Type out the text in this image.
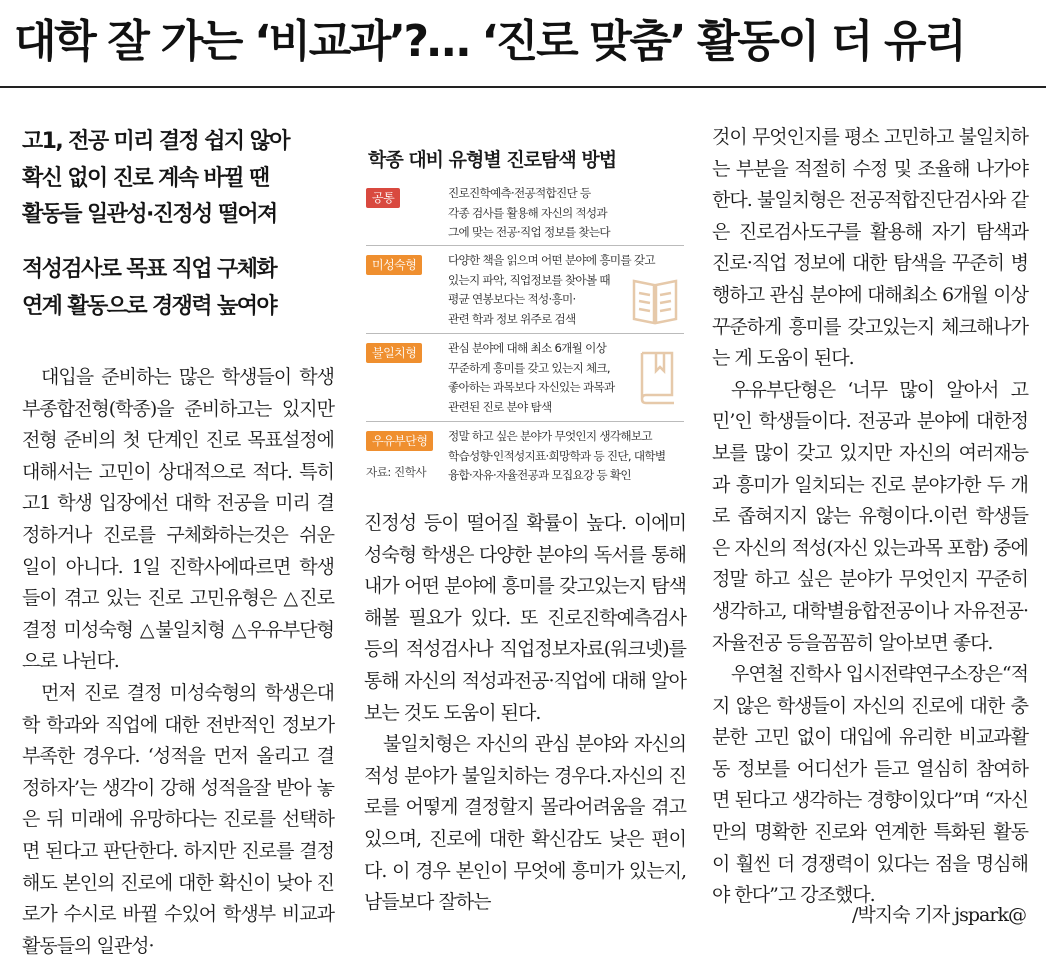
대학 잘 가는 ‘비교과’?… ‘진로 맞춤’ 활동이 더 유리

고1, 전공 미리 결정 쉽지 않아

확신 없이 진로 계속 바뀔 땐

활동들 일관성·진정성 떨어져

적성검사로 목표 직업 구체화

연계 활동으로 경쟁력 높여야

학종 대비 유형별 진로탐색 방법
공통	진로진학예측·전공적합진단 등
각종 검사를 활용해 자신의 적성과
그에 맞는 전공·직업 정보를 찾는다
미성숙형	다양한 책을 읽으며 어떤 분야에 흥미를 갖고
있는지 파악, 직업정보를 찾아볼 때
평균 연봉보다는 적성·흥미·
관련 학과 정보 위주로 검색
불일치형	관심 분야에 대해 최소 6개월 이상
꾸준하게 흥미를 갖고 있는지 체크,
좋아하는 과목보다 자신있는 과목과
관련된 진로 분야 탐색
우유부단형	정말 하고 싶은 분야가 무엇인지 생각해보고
학습성향·인적성지표·희망학과 등 진단, 대학별
융합·자유·자율전공과 모집요강 등 확인
자료: 진학사

대입을 준비하는 많은 학생들이 학생부종합전형(학종)을 준비하고는 있지만 전형 준비의 첫 단계인 진로 목표설정에 대해서는 고민이 상대적으로 적다. 특히 고1 학생 입장에선 대학 전공을 미리 결정하거나 진로를 구체화하는것은 쉬운 일이 아니다. 1일 진학사에따르면 학생들이 겪고 있는 진로 고민유형은 △진로 결정 미성숙형 △불일치형 △우유부단형으로 나뉜다.

먼저 진로 결정 미성숙형의 학생은대학 학과와 직업에 대한 전반적인 정보가 부족한 경우다. ‘성적을 먼저 올리고 결정하자’는 생각이 강해 성적을잘 받아 놓은 뒤 미래에 유망하다는 진로를 선택하면 된다고 판단한다. 하지만 진로를 결정해도 본인의 진로에 대한 확신이 낮아 진로가 수시로 바뀔 수있어 학생부 비교과활동들의 일관성·

진정성 등이 떨어질 확률이 높다. 이에미성숙형 학생은 다양한 분야의 독서를 통해 내가 어떤 분야에 흥미를 갖고있는지 탐색해볼 필요가 있다. 또 진로진학예측검사 등의 적성검사나 직업정보자료(워크넷)를 통해 자신의 적성과전공·직업에 대해 알아보는 것도 도움이 된다.

불일치형은 자신의 관심 분야와 자신의 적성 분야가 불일치하는 경우다.자신의 진로를 어떻게 결정할지 몰라어려움을 겪고 있으며, 진로에 대한 확신감도 낮은 편이다. 이 경우 본인이 무엇에 흥미가 있는지, 남들보다 잘하는

것이 무엇인지를 평소 고민하고 불일치하는 부분을 적절히 수정 및 조율해 나가야 한다. 불일치형은 전공적합진단검사와 같은 진로검사도구를 활용해 자기 탐색과 진로·직업 정보에 대한 탐색을 꾸준히 병행하고 관심 분야에 대해최소 6개월 이상 꾸준하게 흥미를 갖고있는지 체크해나가는 게 도움이 된다.

우유부단형은 ‘너무 많이 알아서 고민’인 학생들이다. 전공과 분야에 대한정보를 많이 갖고 있지만 자신의 여러재능과 흥미가 일치되는 진로 분야가한 두 개로 좁혀지지 않는 유형이다.이런 학생들은 자신의 적성(자신 있는과목 포함) 중에 정말 하고 싶은 분야가 무엇인지 꾸준히 생각하고, 대학별융합전공이나 자유전공·자율전공 등을꼼꼼히 알아보면 좋다.

우연철 진학사 입시전략연구소장은“적지 않은 학생들이 자신의 진로에 대한 충분한 고민 없이 대입에 유리한 비교과활동 정보를 어디선가 듣고 열심히 참여하면 된다고 생각하는 경향이있다”며 “자신만의 명확한 진로와 연계한 특화된 활동이 훨씬 더 경쟁력이 있다는 점을 명심해야 한다”고 강조했다.

/박지숙 기자 jspark@
